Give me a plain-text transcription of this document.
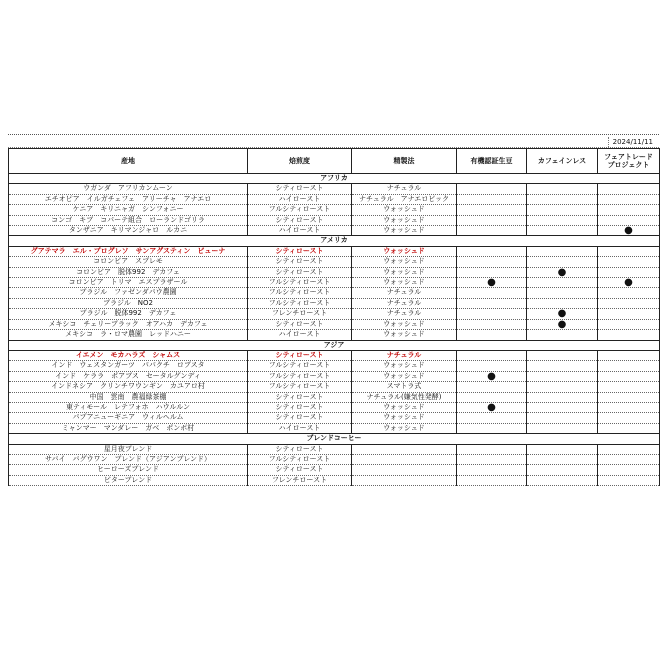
2024/11/11
産地	焙煎度	精製法	有機認証生豆	カフェインレス	フェアトレード
プロジェクト
アフリカ					
ウガンダ　アフリカンムーン	シティロースト	ナチュラル			
エチオピア　イルガチェフェ　アリーチャ　アナエロ	ハイロースト	ナチュラル　アナエロビック			
ケニア　キリニャガ　シンフォニー	フルシティロースト	ウォッシュド			
コンゴ　キブ　コパーテ組合　ローランドゴリラ	シティロースト	ウォッシュド			
タンザニア　キリマンジャロ　ルカニ	ハイロースト	ウォッシュド			●
アメリカ					
グアテマラ　エル・プログレソ　サンアグスティン　ビューナ	シティロースト	ウォッシュド			
コロンビア　スプレモ	シティロースト	ウォッシュド			
コロンビア　脱体992　デカフェ	シティロースト	ウォッシュド		●	
コロンビア　トリマ　エスプラザール	フルシティロースト	ウォッシュド	●		●
ブラジル　ファゼンダパウ農園	フルシティロースト	ナチュラル			
ブラジル　NO2	フルシティロースト	ナチュラル			
ブラジル　脱体992　デカフェ	フレンチロースト	ナチュラル		●	
メキシコ　チェリーブラック　オアハカ　デカフェ	シティロースト	ウォッシュド		●	
メキシコ　ラ・ロマ農園　レッドハニー	ハイロースト	ウォッシュド			
アジア					
イエメン　モカハラズ　シャムス	シティロースト	ナチュラル			
インド　ウェスタンガーツ　パパクチ　ロブスタ	フルシティロースト	ウォッシュド			
インド　ケララ　ポアブス　セータルグンディ	フルシティロースト	ウォッシュド	●		
インドネシア　クリンチワウンギン　カユアロ村	フルシティロースト	スマトラ式			
中国　雲南　農福緑茶棚	シティロースト	ナチュラル(嫌気性発酵)			
東ティモール　レテフォホ　ハウルルン	シティロースト	ウォッシュド	●		
パプアニューギニア　ウィルヘルム	シティロースト	ウォッシュド			
ミャンマー　マンダレー　ガベ　ポンボ村	ハイロースト	ウォッシュド			
ブレンドコーヒー					
星月夜ブレンド	シティロースト				
サバイ　バグウワン　ブレンド（アジアンブレンド）	フルシティロースト				
ヒーローズブレンド	シティロースト				
ビターブレンド	フレンチロースト				
